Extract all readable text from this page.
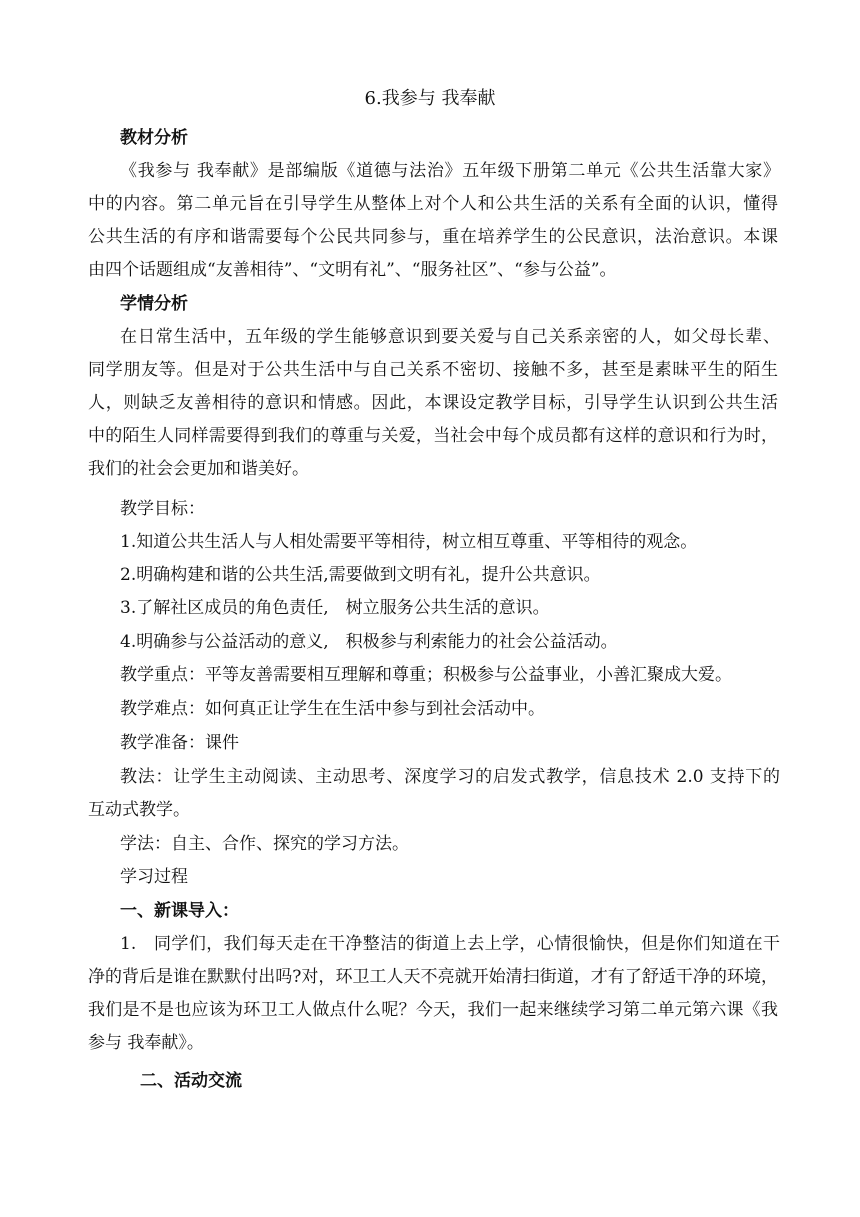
6.我参与 我奉献
教材分析
《我参与 我奉献》是部编版《道德与法治》五年级下册第二单元《公共生活靠大家》
中的内容。第二单元旨在引导学生从整体上对个人和公共生活的关系有全面的认识，懂得
公共生活的有序和谐需要每个公民共同参与，重在培养学生的公民意识，法治意识。本课
由四个话题组成“友善相待”、“文明有礼”、“服务社区”、“参与公益”。
学情分析
在日常生活中，五年级的学生能够意识到要关爱与自己关系亲密的人，如父母长辈、
同学朋友等。但是对于公共生活中与自己关系不密切、接触不多，甚至是素昧平生的陌生
人，则缺乏友善相待的意识和情感。因此，本课设定教学目标，引导学生认识到公共生活
中的陌生人同样需要得到我们的尊重与关爱，当社会中每个成员都有这样的意识和行为时，
我们的社会会更加和谐美好。
教学目标：
1.知道公共生活人与人相处需要平等相待，树立相互尊重、平等相待的观念。
2.明确构建和谐的公共生活,需要做到文明有礼，提升公共意识。
3.了解社区成员的角色责任,　树立服务公共生活的意识。
4.明确参与公益活动的意义,　积极参与利索能力的社会公益活动。
教学重点：平等友善需要相互理解和尊重；积极参与公益事业，小善汇聚成大爱。
教学难点：如何真正让学生在生活中参与到社会活动中。
教学准备：课件
教法：让学生主动阅读、主动思考、深度学习的启发式教学，信息技术 2.0 支持下的
互动式教学。
学法：自主、合作、探究的学习方法。
学习过程
一、新课导入：
1.　同学们，我们每天走在干净整洁的街道上去上学，心情很愉快，但是你们知道在干
净的背后是谁在默默付出吗?对，环卫工人天不亮就开始清扫街道，才有了舒适干净的环境，
我们是不是也应该为环卫工人做点什么呢？今天，我们一起来继续学习第二单元第六课《我
参与 我奉献》。
二、活动交流
